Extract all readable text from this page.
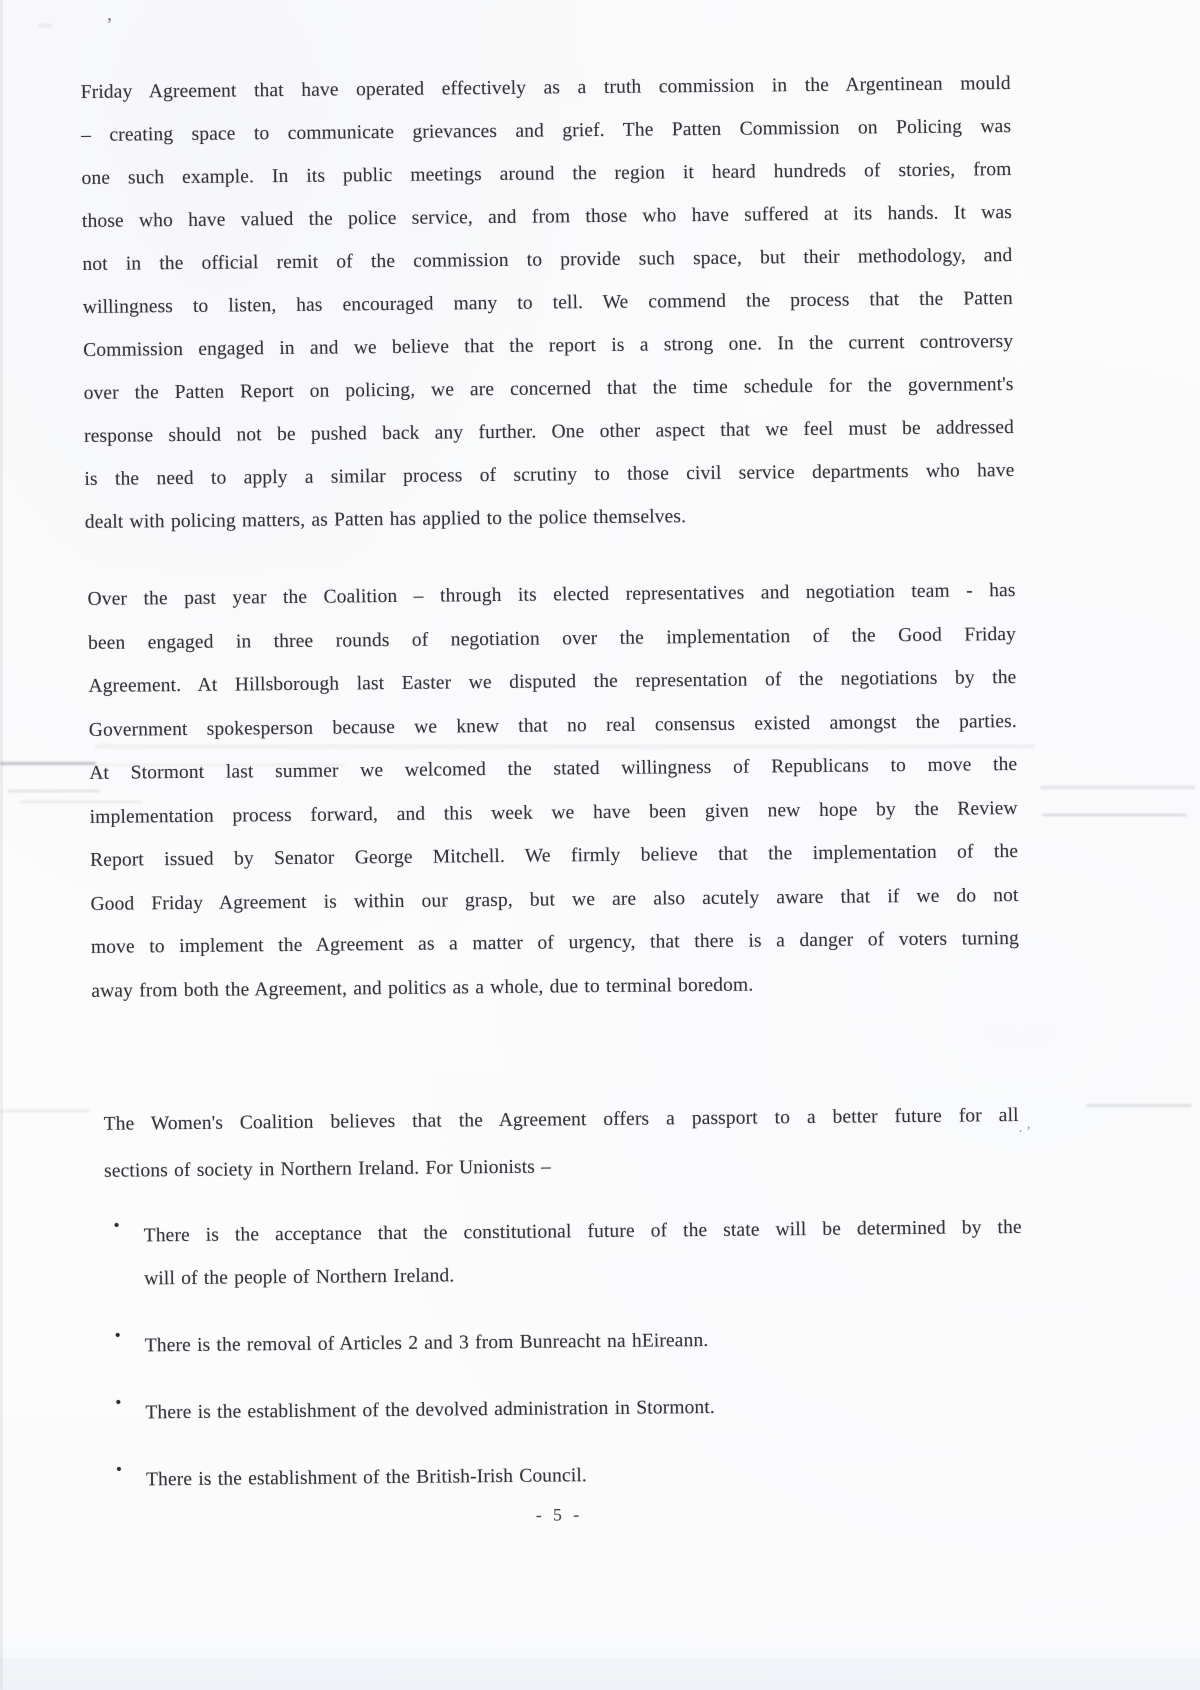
’
·’
Friday Agreement that have operated effectively as a truth commission in the Argentinean mould
– creating space to communicate grievances and grief. The Patten Commission on Policing was
one such example. In its public meetings around the region it heard hundreds of stories, from
those who have valued the police service, and from those who have suffered at its hands. It was
not in the official remit of the commission to provide such space, but their methodology, and
willingness to listen, has encouraged many to tell. We commend the process that the Patten
Commission engaged in and we believe that the report is a strong one. In the current controversy
over the Patten Report on policing, we are concerned that the time schedule for the government's
response should not be pushed back any further. One other aspect that we feel must be addressed
is the need to apply a similar process of scrutiny to those civil service departments who have
dealt with policing matters, as Patten has applied to the police themselves.
Over the past year the Coalition – through its elected representatives and negotiation team - has
been engaged in three rounds of negotiation over the implementation of the Good Friday
Agreement. At Hillsborough last Easter we disputed the representation of the negotiations by the
Government spokesperson because we knew that no real consensus existed amongst the parties.
At Stormont last summer we welcomed the stated willingness of Republicans to move the
implementation process forward, and this week we have been given new hope by the Review
Report issued by Senator George Mitchell. We firmly believe that the implementation of the
Good Friday Agreement is within our grasp, but we are also acutely aware that if we do not
move to implement the Agreement as a matter of urgency, that there is a danger of voters turning
away from both the Agreement, and politics as a whole, due to terminal boredom.
The Women's Coalition believes that the Agreement offers a passport to a better future for all
sections of society in Northern Ireland. For Unionists –
• There is the acceptance that the constitutional future of the state will be determined by the
will of the people of Northern Ireland.
• There is the removal of Articles 2 and 3 from Bunreacht na hEireann.
• There is the establishment of the devolved administration in Stormont.
• There is the establishment of the British-Irish Council.
- 5 -
